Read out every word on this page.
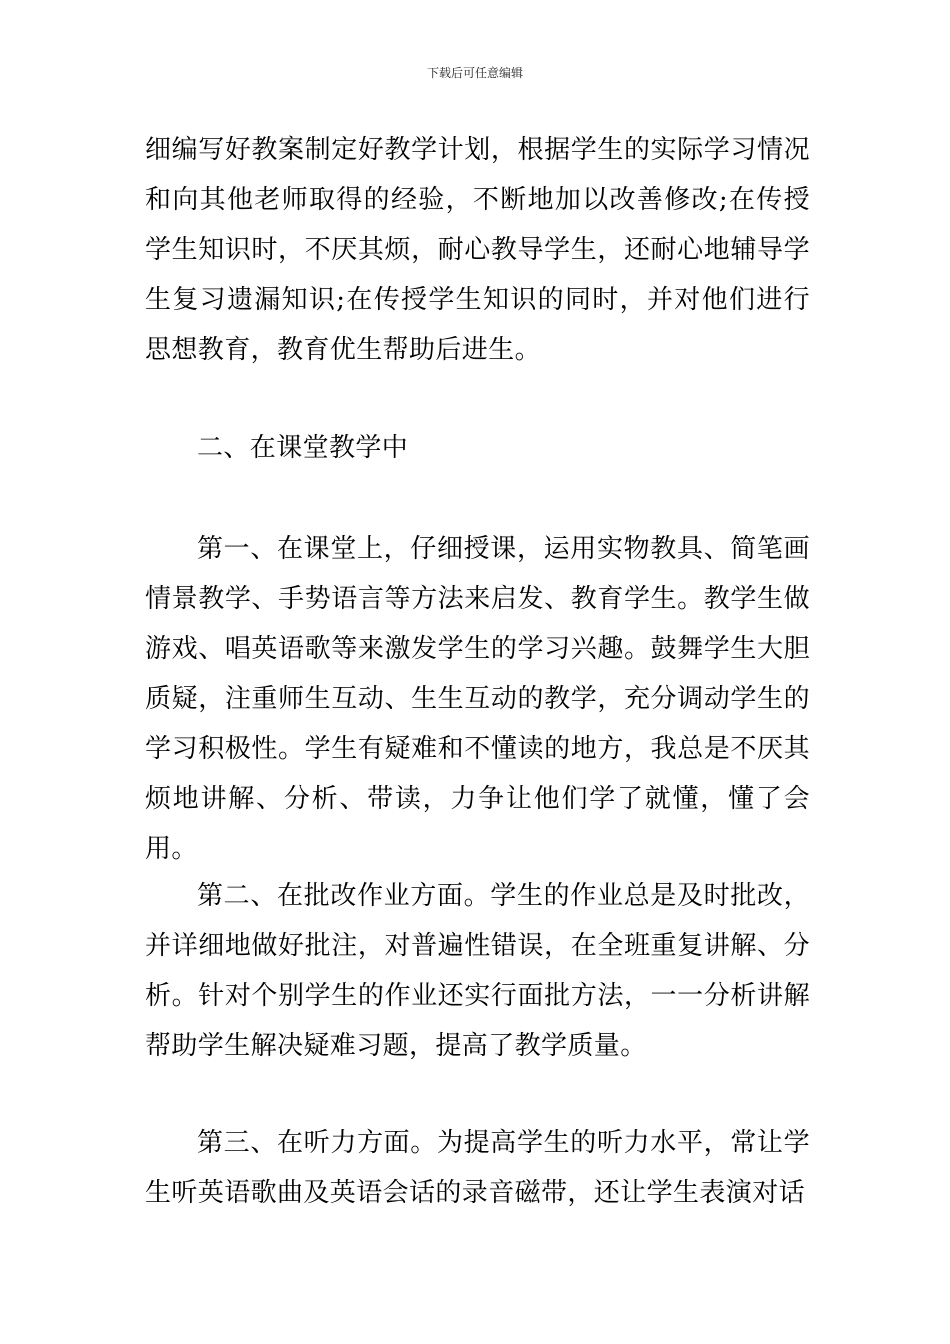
下载后可任意编辑

细编写好教案制定好教学计划，根据学生的实际学习情况和向其他老师取得的经验，不断地加以改善修改;在传授学生知识时，不厌其烦，耐心教导学生，还耐心地辅导学生复习遗漏知识;在传授学生知识的同时，并对他们进行思想教育，教育优生帮助后进生。

二、在课堂教学中

第一、在课堂上，仔细授课，运用实物教具、简笔画情景教学、手势语言等方法来启发、教育学生。教学生做游戏、唱英语歌等来激发学生的学习兴趣。鼓舞学生大胆质疑，注重师生互动、生生互动的教学，充分调动学生的学习积极性。学生有疑难和不懂读的地方，我总是不厌其烦地讲解、分析、带读，力争让他们学了就懂，懂了会用。

第二、在批改作业方面。学生的作业总是及时批改，并详细地做好批注，对普遍性错误，在全班重复讲解、分析。针对个别学生的作业还实行面批方法，一一分析讲解帮助学生解决疑难习题，提高了教学质量。

第三、在听力方面。为提高学生的听力水平，常让学生听英语歌曲及英语会话的录音磁带，还让学生表演对话
